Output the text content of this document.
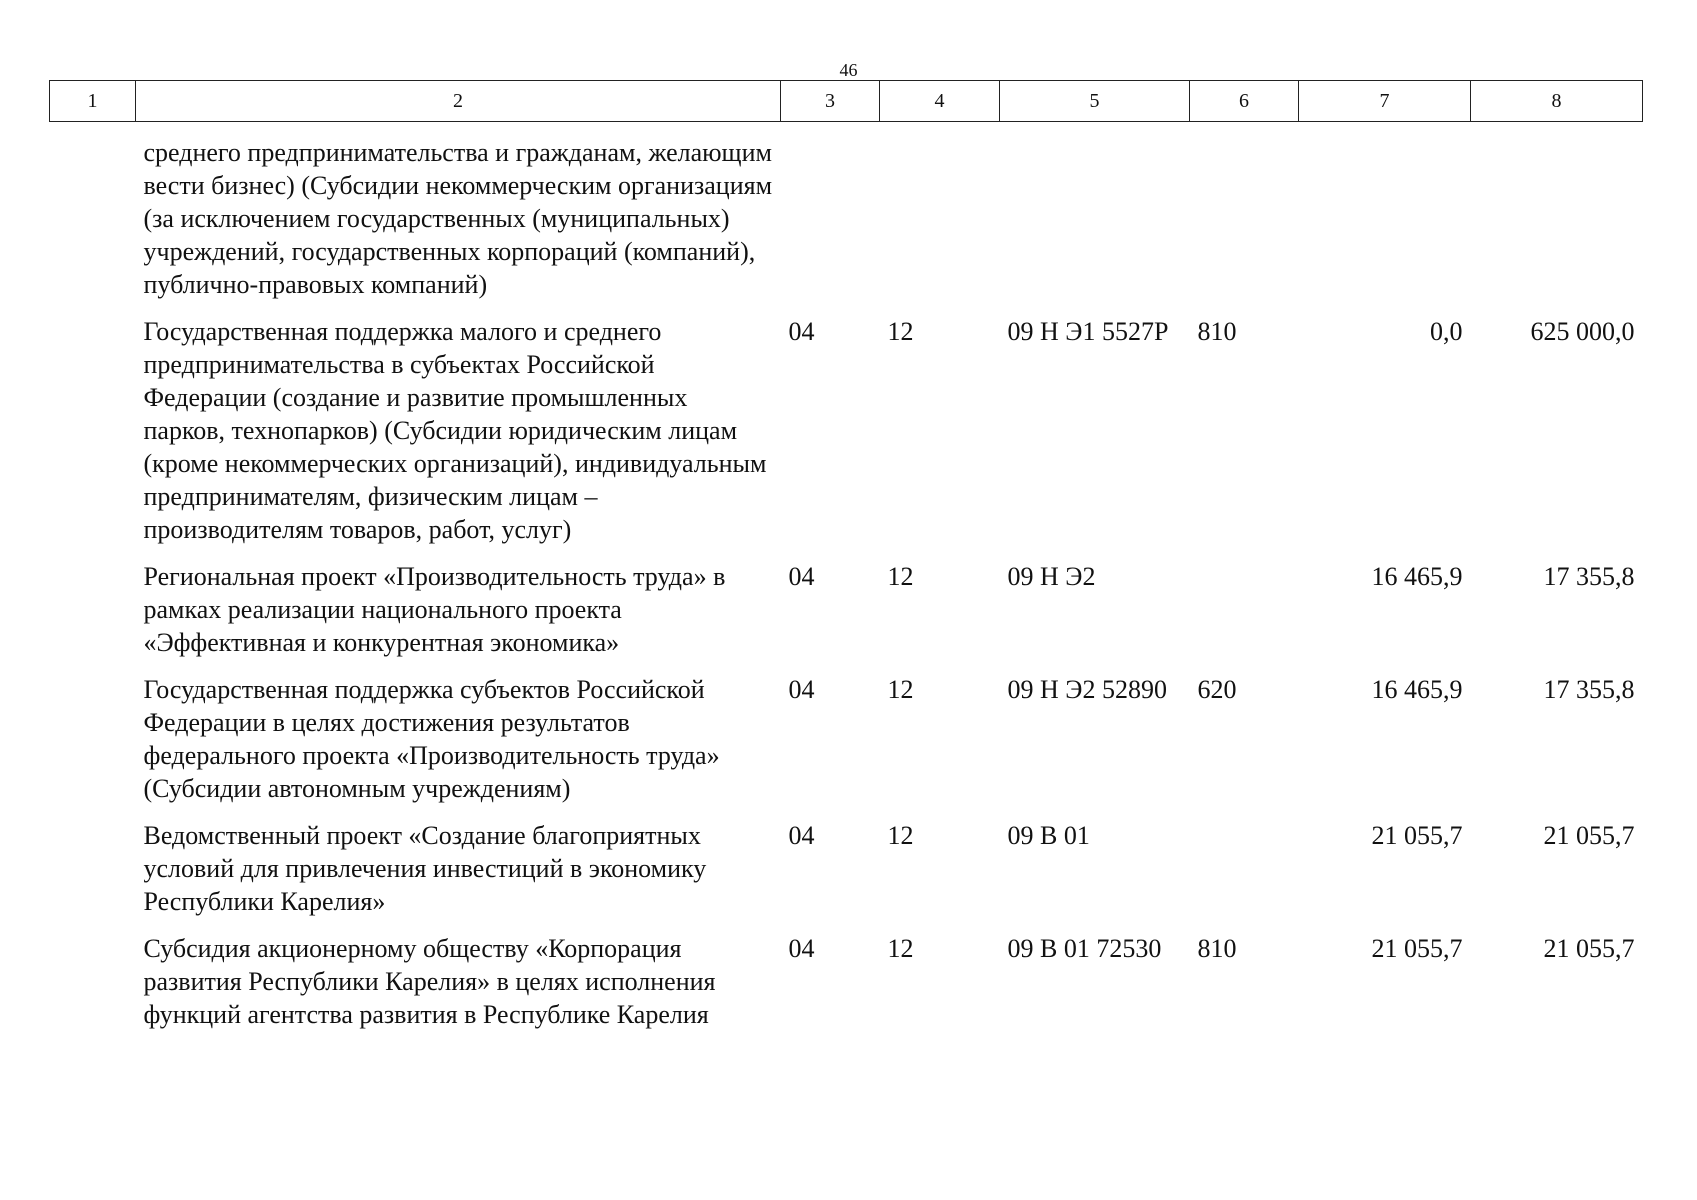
46
1	2	3	4	5	6	7	8
	среднего предпринимательства и гражданам, желающим вести бизнес) (Субсидии некоммерческим организациям (за исключением государственных (муниципальных) учреждений, государственных корпораций (компаний), публично-правовых компаний)						
	Государственная поддержка малого и среднего предпринимательства в субъектах Российской Федерации (создание и развитие промышленных парков, технопарков) (Субсидии юридическим лицам (кроме некоммерческих организаций), индивидуальным предпринимателям, физическим лицам – производителям товаров, работ, услуг)	04	12	09 Н Э1 5527Р	810	0,0	625 000,0
	Региональная проект «Производительность труда» в рамках реализации национального проекта «Эффективная и конкурентная экономика»	04	12	09 Н Э2		16 465,9	17 355,8
	Государственная поддержка субъектов Российской Федерации в целях достижения результатов федерального проекта «Производительность труда» (Субсидии автономным учреждениям)	04	12	09 Н Э2 52890	620	16 465,9	17 355,8
	Ведомственный проект «Создание благоприятных условий для привлечения инвестиций в экономику Республики Карелия»	04	12	09 В 01		21 055,7	21 055,7
	Субсидия акционерному обществу «Корпорация развития Республики Карелия» в целях исполнения функций агентства развития в Республике Карелия	04	12	09 В 01 72530	810	21 055,7	21 055,7
